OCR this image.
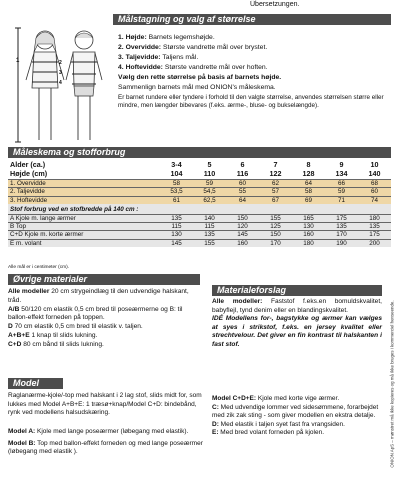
Übersetzungen.
1	2
3
4
Målstagning og valg af størrelse

1. Højde: Barnets legemshøjde.

2. Overvidde: Største vandrette mål over brystet.

3. Taljevidde: Taljens mål.

4. Hoftevidde: Største vandrette mål over hoften.

Vælg den rette størrelse på basis af barnets højde.

Sammenlign barnets mål med ONION's måleskema.

Er barnet rundere eller tyndere i forhold til den valgte størrelse, anvendes størrelsen større eller mindre, men længder bibevares (f.eks. ærme-, bluse- og bukselængde).

Måleskema og stofforbrug
Alder (ca.)	3-4	5	6	7	8	9	10
Højde (cm)	104	110	116	122	128	134	140
1. Overvidde	58	59	60	62	64	66	68
2. Taljevidde	53,5	54,5	55	57	58	59	60
3. Hoftevidde	61	62,5	64	67	69	71	74
Stof forbrug ved en stofbredde på 140 cm :							
A Kjole m. lange ærmer	135	140	150	155	165	175	180
B Top	115	115	120	125	130	135	135
C+D Kjole m. korte ærmer	130	135	145	150	160	170	175
E m. volant	145	155	160	170	180	190	200
Alle mål er i centimeter (cm).
Øvrige materialer

Alle modeller 20 cm strygeindlæg til den udvendige halskant, tråd.

A/B 50/120 cm elastik 0,5 cm bred til poseærmerne og B: til ballon-effekt forneden på toppen.

D 70 cm elastik 0,5 cm bred til elastik v. taljen.

A+B+E 1 knap til slids lukning.

C+D 80 cm bånd til slids lukning.

Materialeforslag

Alle modeller: Faststof f.eks.en bomuldskvalitet, babyflejl, tynd denim eller en blandingskvalitet.

IDÉ Modellens for-, bagstykke og ærmer kan vælges at syes i strikstof, f.eks. en jersey kvalitet eller strechtvelour. Det giver en fin kontrast til halskanten i fast stof.

Model
Raglanærme-kjole/-top med halskant i 2 lag stof, slids midt for, som lukkes med Model A+B+E: 1 træsø+knap/Model C+D: bindebånd, rynk ved modellens halsudskæring.

Model A: Kjole med lange poseærmer (løbegang med elastik).

Model B: Top med ballon-effekt forneden og med lange poseærmer (løbegang med elastik ).

Model C+D+E: Kjole med korte vige ærmer.

C: Med udvendige lommer ved sidesømmene, forarbejdet med zik zak sting - som giver modellen en ekstra detalje.

D: Med elastik i taljen syet fast fra vrangsiden.

E: Med bred volant forneden på kjolen.	ONION ApS – mønstret må ikke kopieres og må ikke bruges i kommerciel henseende.
